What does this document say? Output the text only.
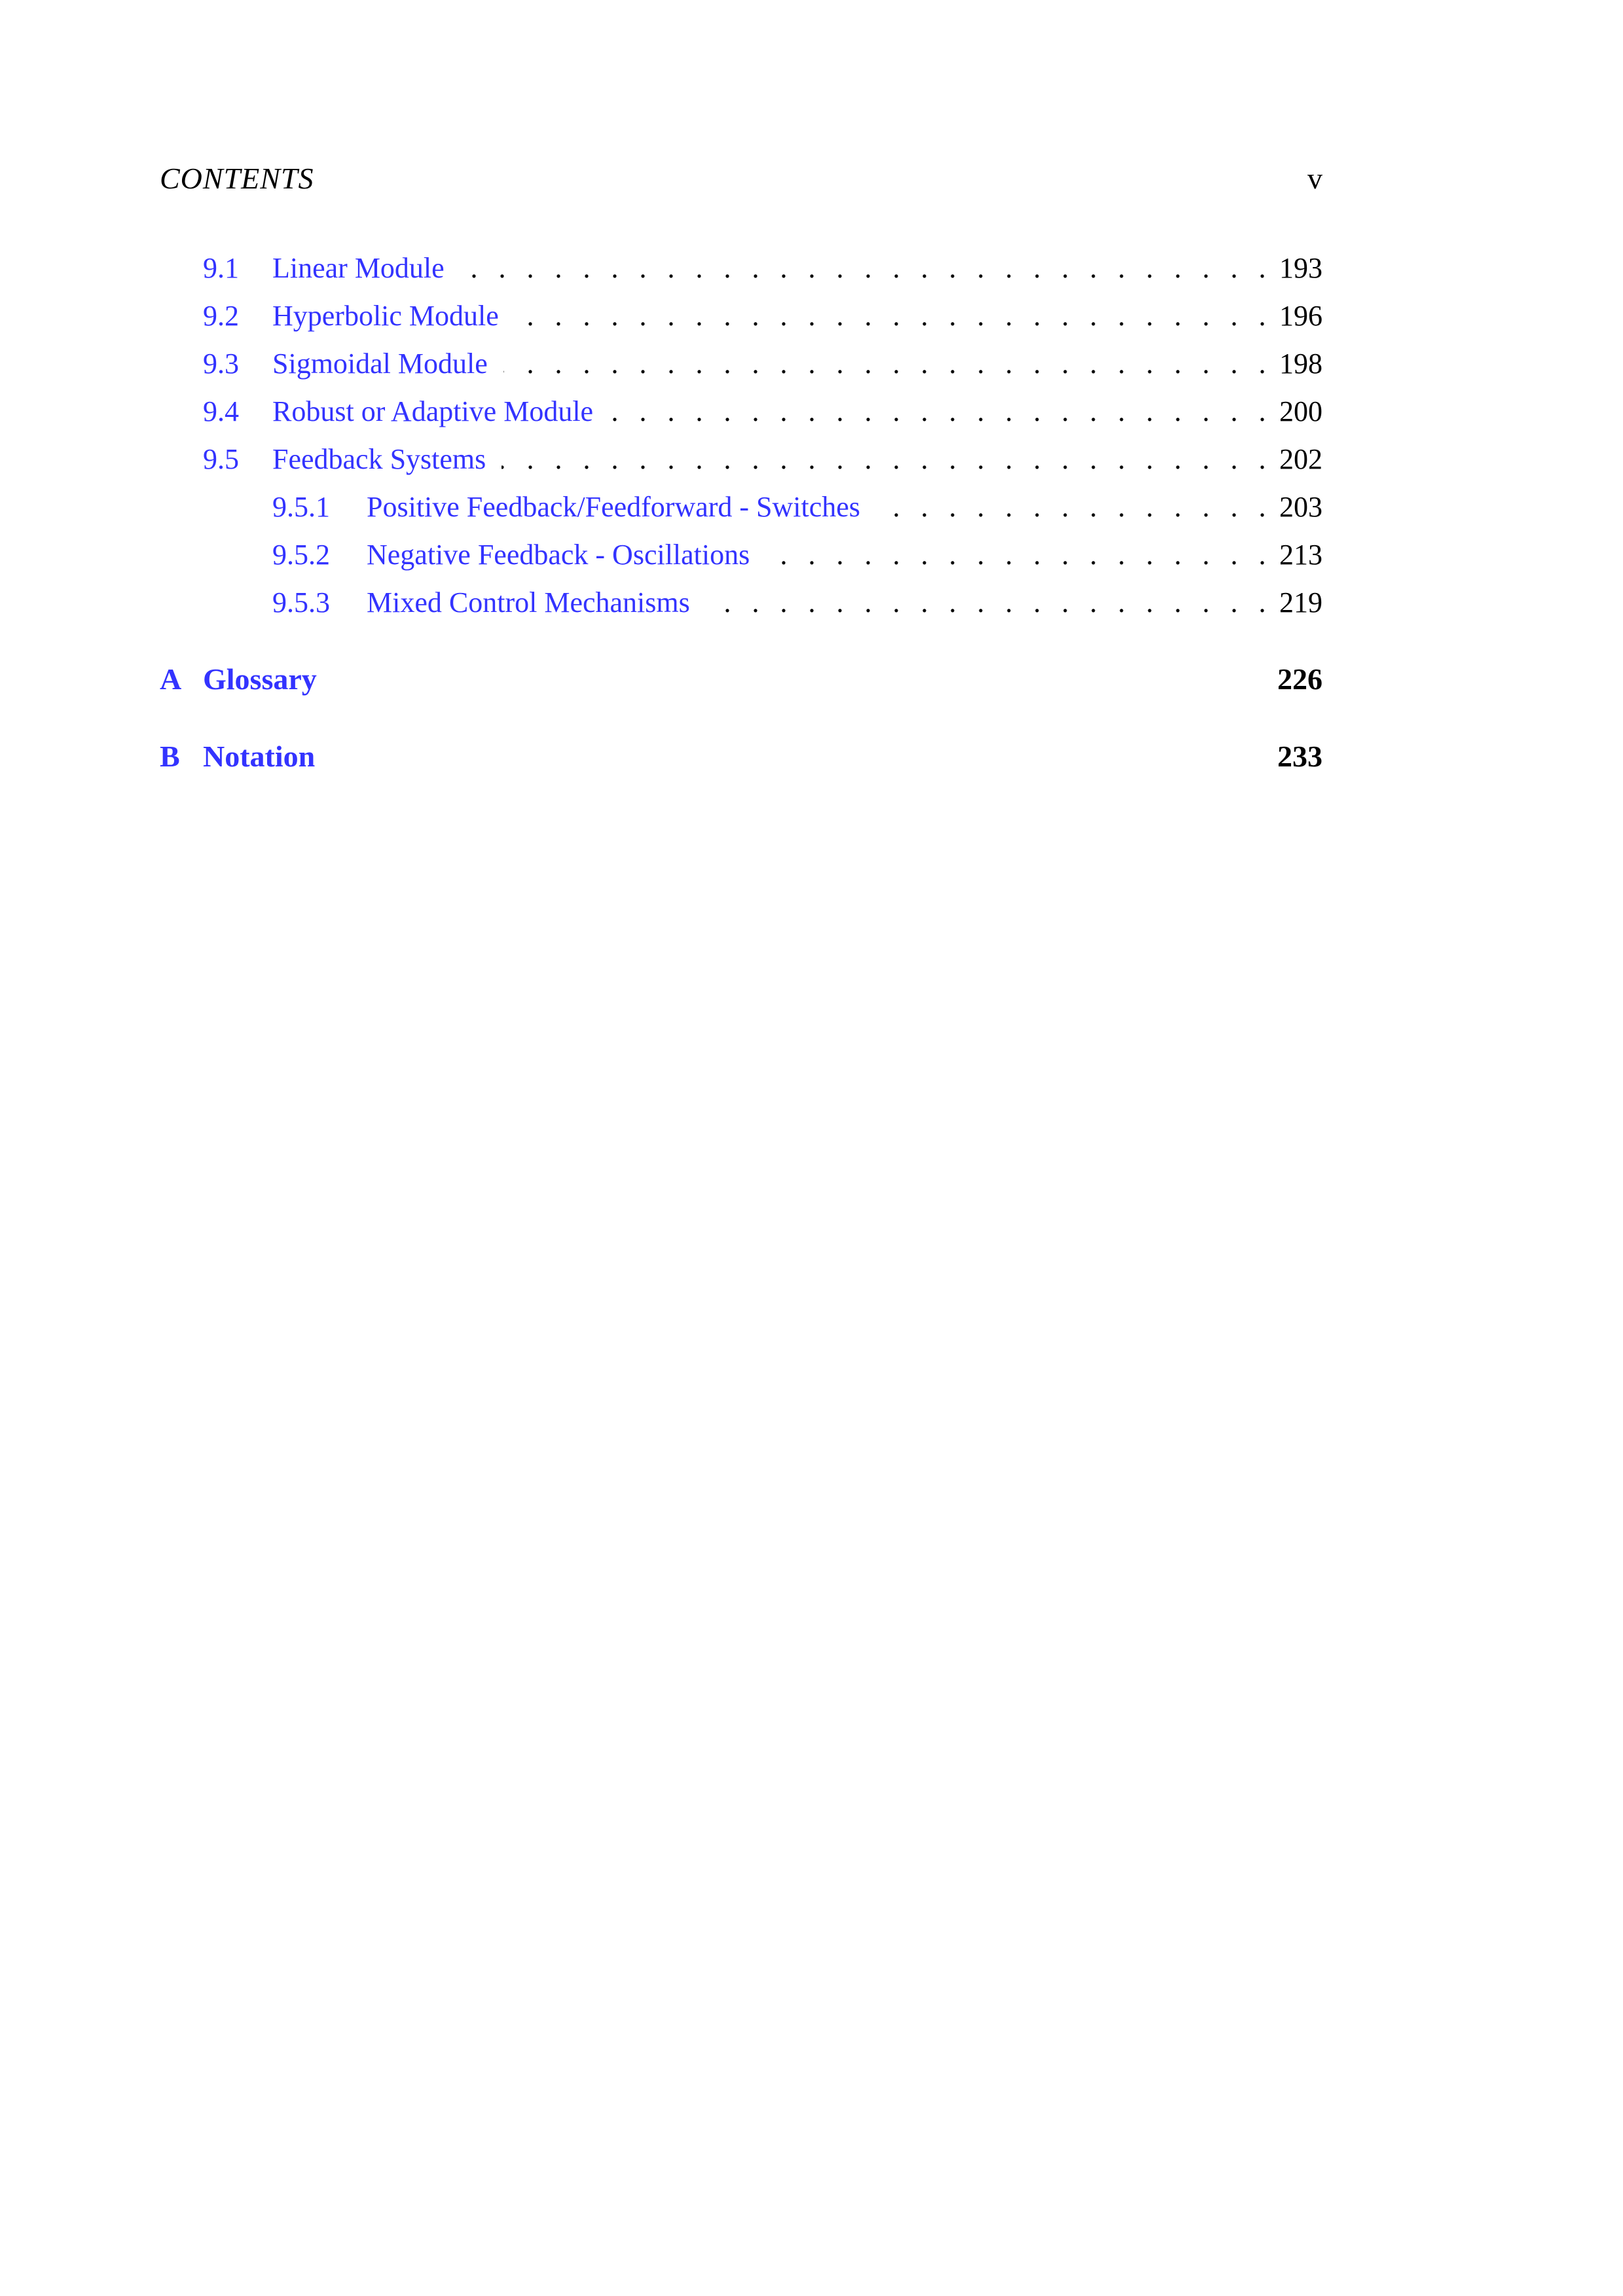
CONTENTS	v
9.1	Linear Module . . .	193
9.2	Hyperbolic Module . . .	196
9.3	Sigmoidal Module . . .	198
9.4	Robust or Adaptive Module . . .	200
9.5	Feedback Systems . . .	202
9.5.1	Positive Feedback/Feedforward - Switches . . .	203
9.5.2	Negative Feedback - Oscillations . . .	213
9.5.3	Mixed Control Mechanisms . . .	219
A Glossary	226
B Notation	233
